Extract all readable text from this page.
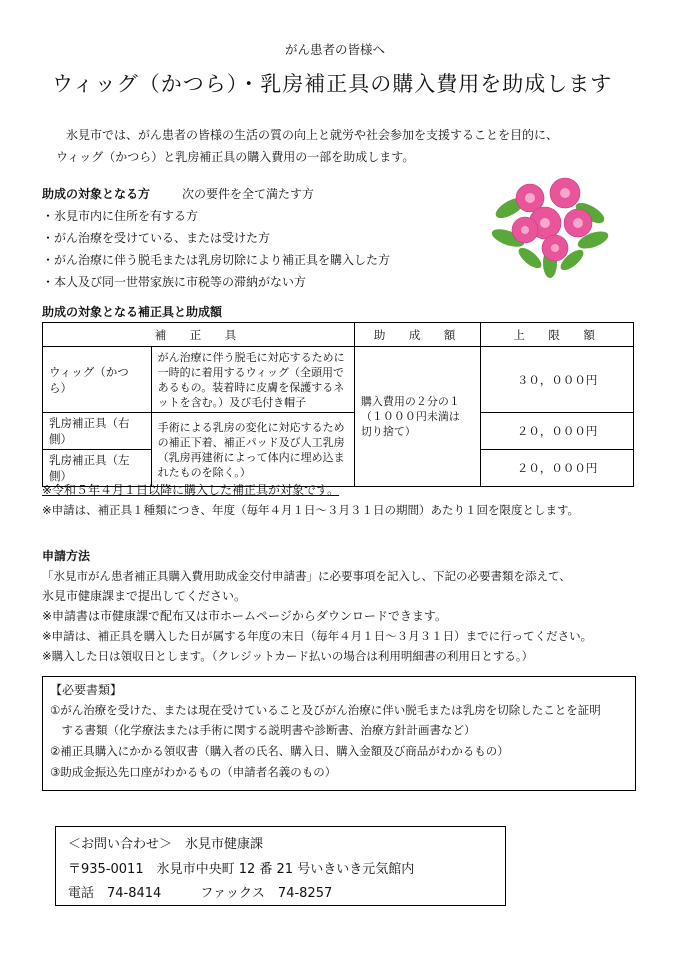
がん患者の皆様へ
ウィッグ（かつら）・乳房補正具の購入費用を助成します
氷見市では、がん患者の皆様の生活の質の向上と就労や社会参加を支援することを目的に、
ウィッグ（かつら）と乳房補正具の購入費用の一部を助成します。
助成の対象となる方	次の要件を全て満たす方
・氷見市内に住所を有する方
・がん治療を受けている、または受けた方
・がん治療に伴う脱毛または乳房切除により補正具を購入した方
・本人及び同一世帯家族に市税等の滞納がない方
助成の対象となる補正具と助成額
補　正　具		助　成　額	上　限　額
ウィッグ（かつら）	がん治療に伴う脱毛に対応するために一時的に着用するウィッグ（全頭用であるもの。装着時に皮膚を保護するネットを含む。）及び毛付き帽子	購入費用の２分の１
（１０００円未満は
切り捨て）	３０，０００円
乳房補正具（右側）	手術による乳房の変化に対応するための補正下着、補正パッド及び人工乳房（乳房再建術によって体内に埋め込まれたものを除く。）		２０，０００円
乳房補正具（左側）			２０，０００円
※令和５年４月１日以降に購入した補正具が対象です。
※申請は、補正具１種類につき、年度（毎年４月１日～３月３１日の期間）あたり１回を限度とします。
申請方法
「氷見市がん患者補正具購入費用助成金交付申請書」に必要事項を記入し、下記の必要書類を添えて、
氷見市健康課まで提出してください。
※申請書は市健康課で配布又は市ホームページからダウンロードできます。
※申請は、補正具を購入した日が属する年度の末日（毎年４月１日～３月３１日）までに行ってください。
※購入した日は領収日とします。（クレジットカード払いの場合は利用明細書の利用日とする。）
【必要書類】
①がん治療を受けた、または現在受けていること及びがん治療に伴い脱毛または乳房を切除したことを証明
　する書類（化学療法または手術に関する説明書や診断書、治療方針計画書など）
②補正具購入にかかる領収書（購入者の氏名、購入日、購入金額及び商品がわかるもの）
③助成金振込先口座がわかるもの（申請者名義のもの）
＜お問い合わせ＞　氷見市健康課
〒935-0011　氷見市中央町 12 番 21 号いきいき元気館内
電話　74-8414　　　ファックス　74-8257
